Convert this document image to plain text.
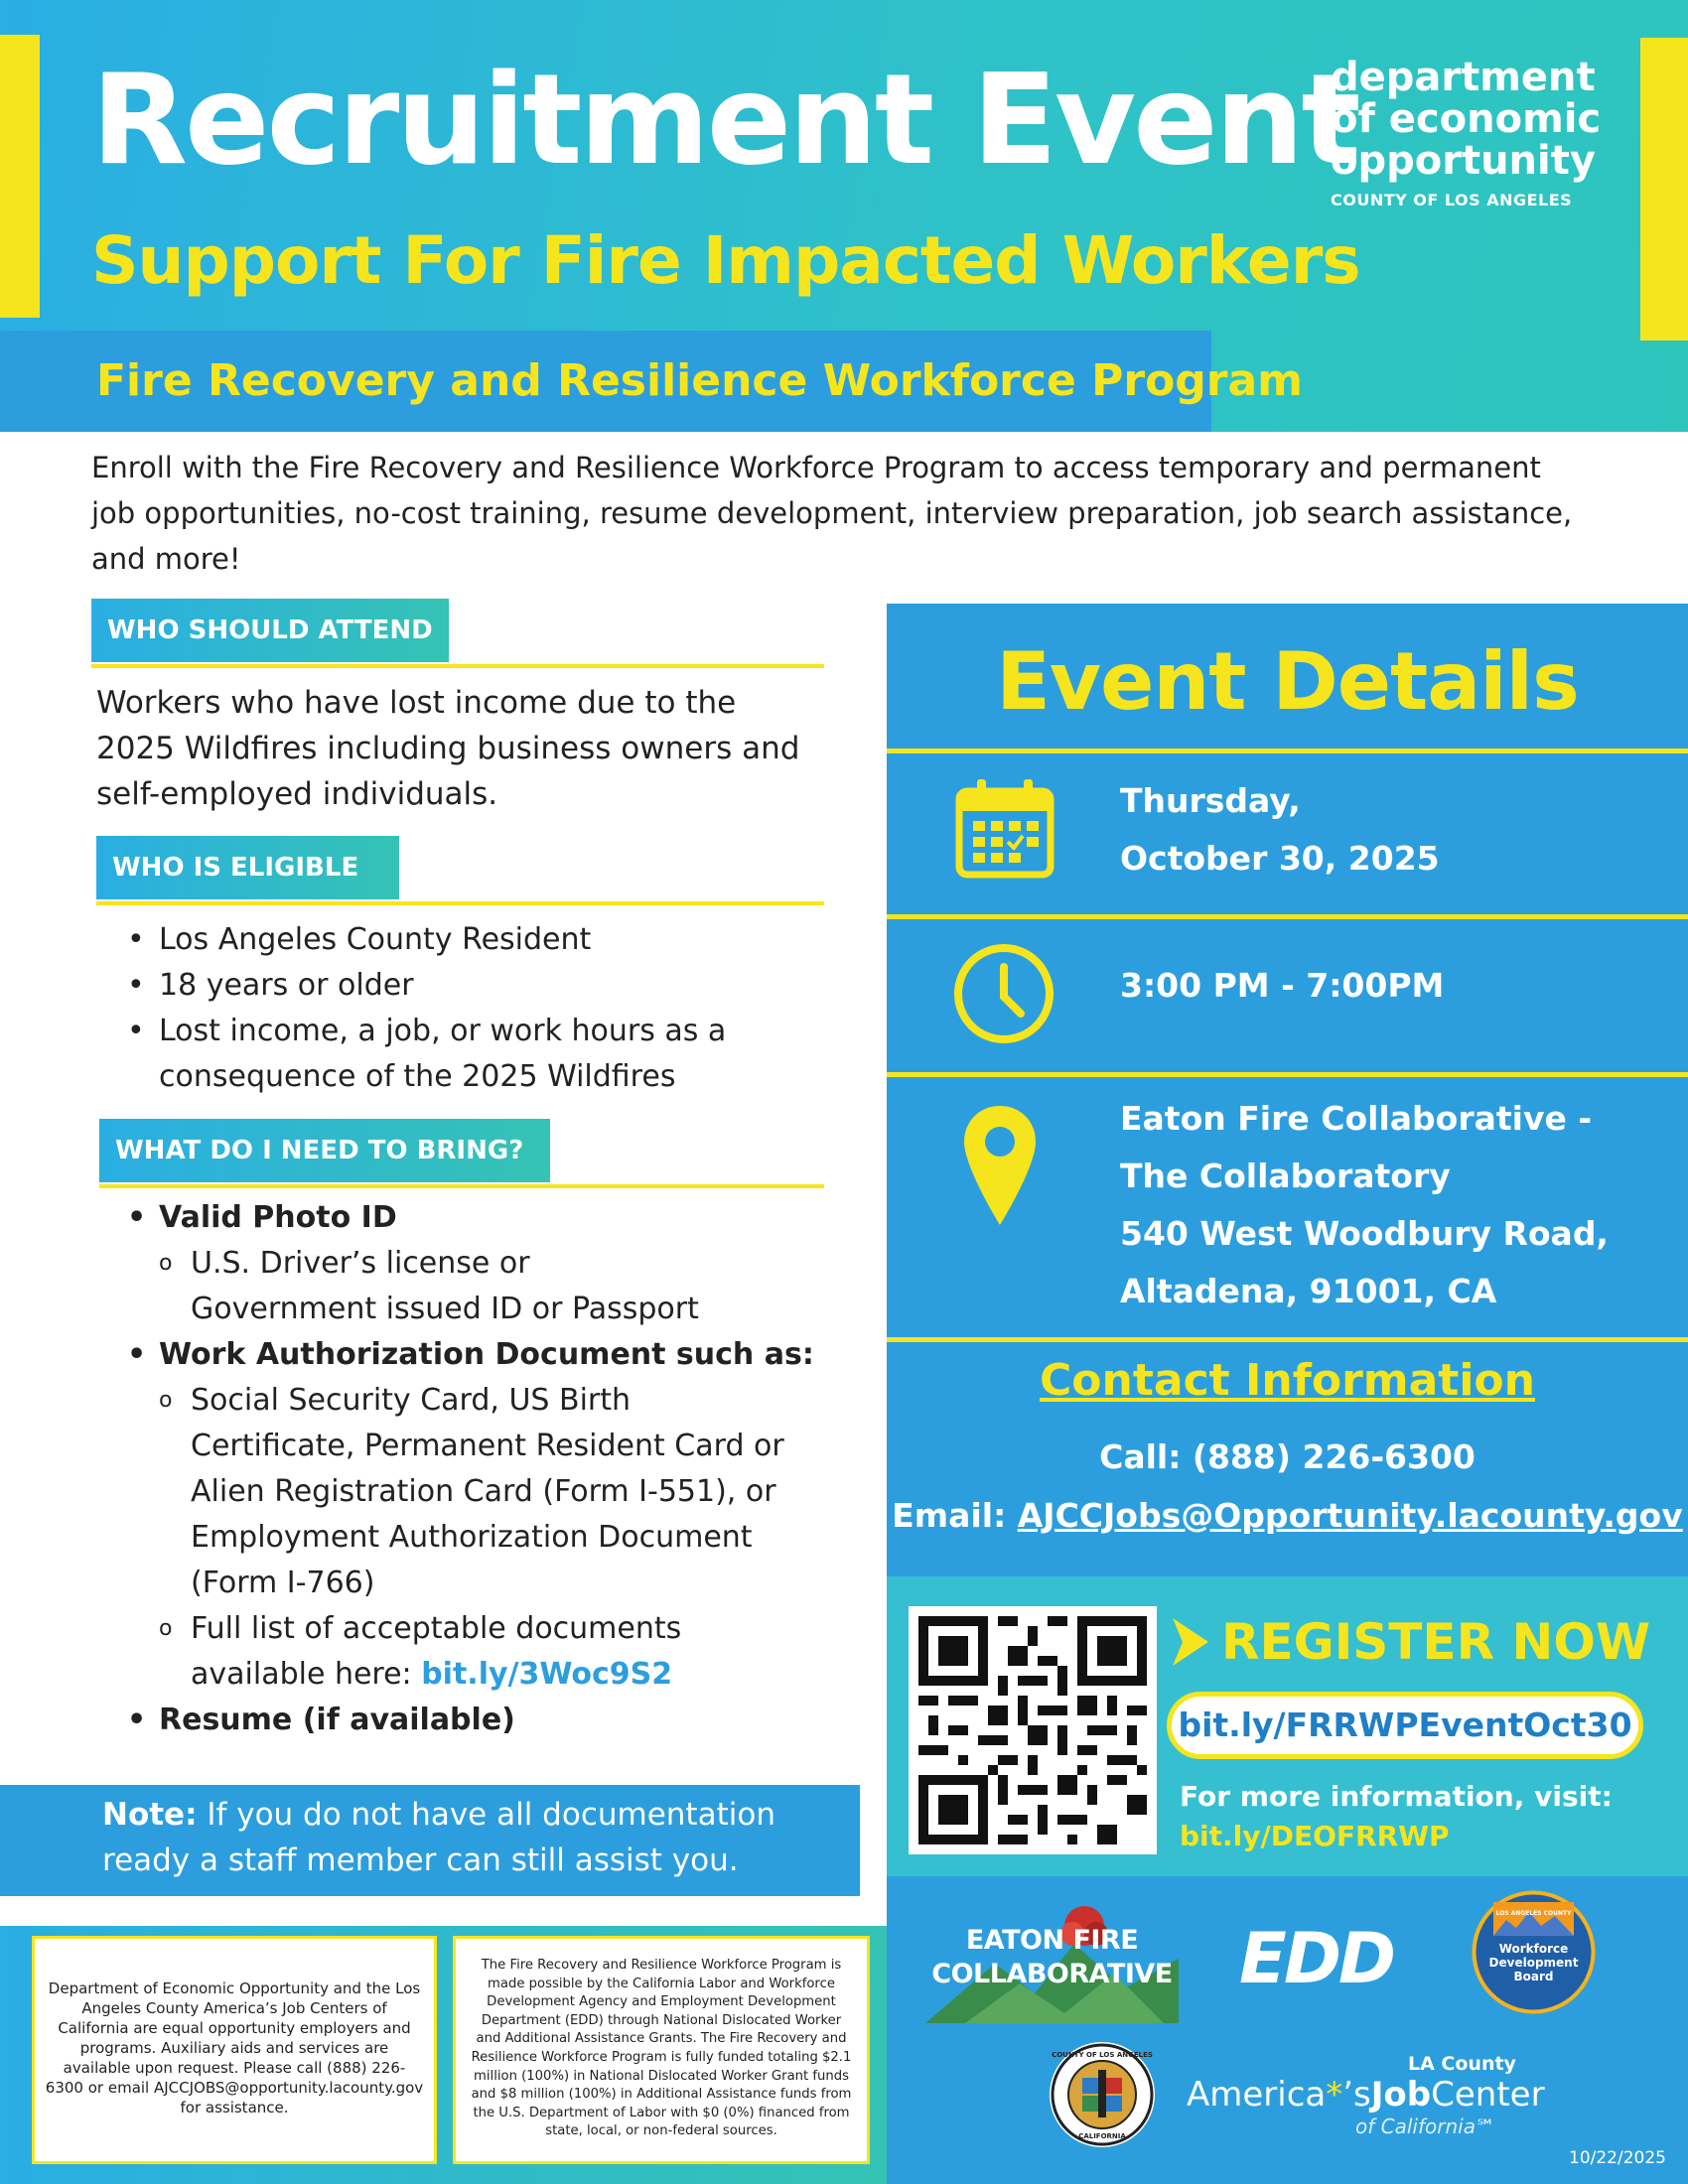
Recruitment Event
Support For Fire Impacted Workers
department
of economic
opportunity
COUNTY OF LOS ANGELES
Fire Recovery and Resilience Workforce Program
Enroll with the Fire Recovery and Resilience Workforce Program to access temporary and permanent job opportunities, no-cost training, resume development, interview preparation, job search assistance, and more!
WHO SHOULD ATTEND
Workers who have lost income due to the 2025 Wildfires including business owners and self-employed individuals.
WHO IS ELIGIBLE
• Los Angeles County Resident
• 18 years or older
• Lost income, a job, or work hours as a consequence of the 2025 Wildfires
WHAT DO I NEED TO BRING?
• Valid Photo ID
o U.S. Driver’s license or Government issued ID or Passport
• Work Authorization Document such as:
o Social Security Card, US Birth Certificate, Permanent Resident Card or Alien Registration Card (Form I-551), or Employment Authorization Document (Form I-766)
o Full list of acceptable documents available here: bit.ly/3Woc9S2
• Resume (if available)
Note: If you do not have all documentation ready a staff member can still assist you.
Event Details
Thursday,
October 30, 2025
3:00 PM - 7:00PM
Eaton Fire Collaborative -
The Collaboratory
540 West Woodbury Road,
Altadena, 91001, CA
Contact Information
Call: (888) 226-6300
Email: AJCCJobs@Opportunity.lacounty.gov
REGISTER NOW
bit.ly/FRRWPEventOct30
For more information, visit:
bit.ly/DEOFRRWP
Department of Economic Opportunity and the Los Angeles County America’s Job Centers of California are equal opportunity employers and programs. Auxiliary aids and services are available upon request. Please call (888) 226-6300 or email AJCCJOBS@opportunity.lacounty.gov for assistance.
The Fire Recovery and Resilience Workforce Program is made possible by the California Labor and Workforce Development Agency and Employment Development Department (EDD) through National Dislocated Worker and Additional Assistance Grants. The Fire Recovery and Resilience Workforce Program is fully funded totaling $2.1 million (100%) in National Dislocated Worker Grant funds and $8 million (100%) in Additional Assistance funds from the U.S. Department of Labor with $0 (0%) financed from state, local, or non-federal sources.
EATON FIRE
COLLABORATIVE EDD
LOS ANGELES COUNTY
Workforce
Development
Board
COUNTY OF LOS ANGELES
CALIFORNIA
LA County
America*’sJobCenter
of California℠
10/22/2025
